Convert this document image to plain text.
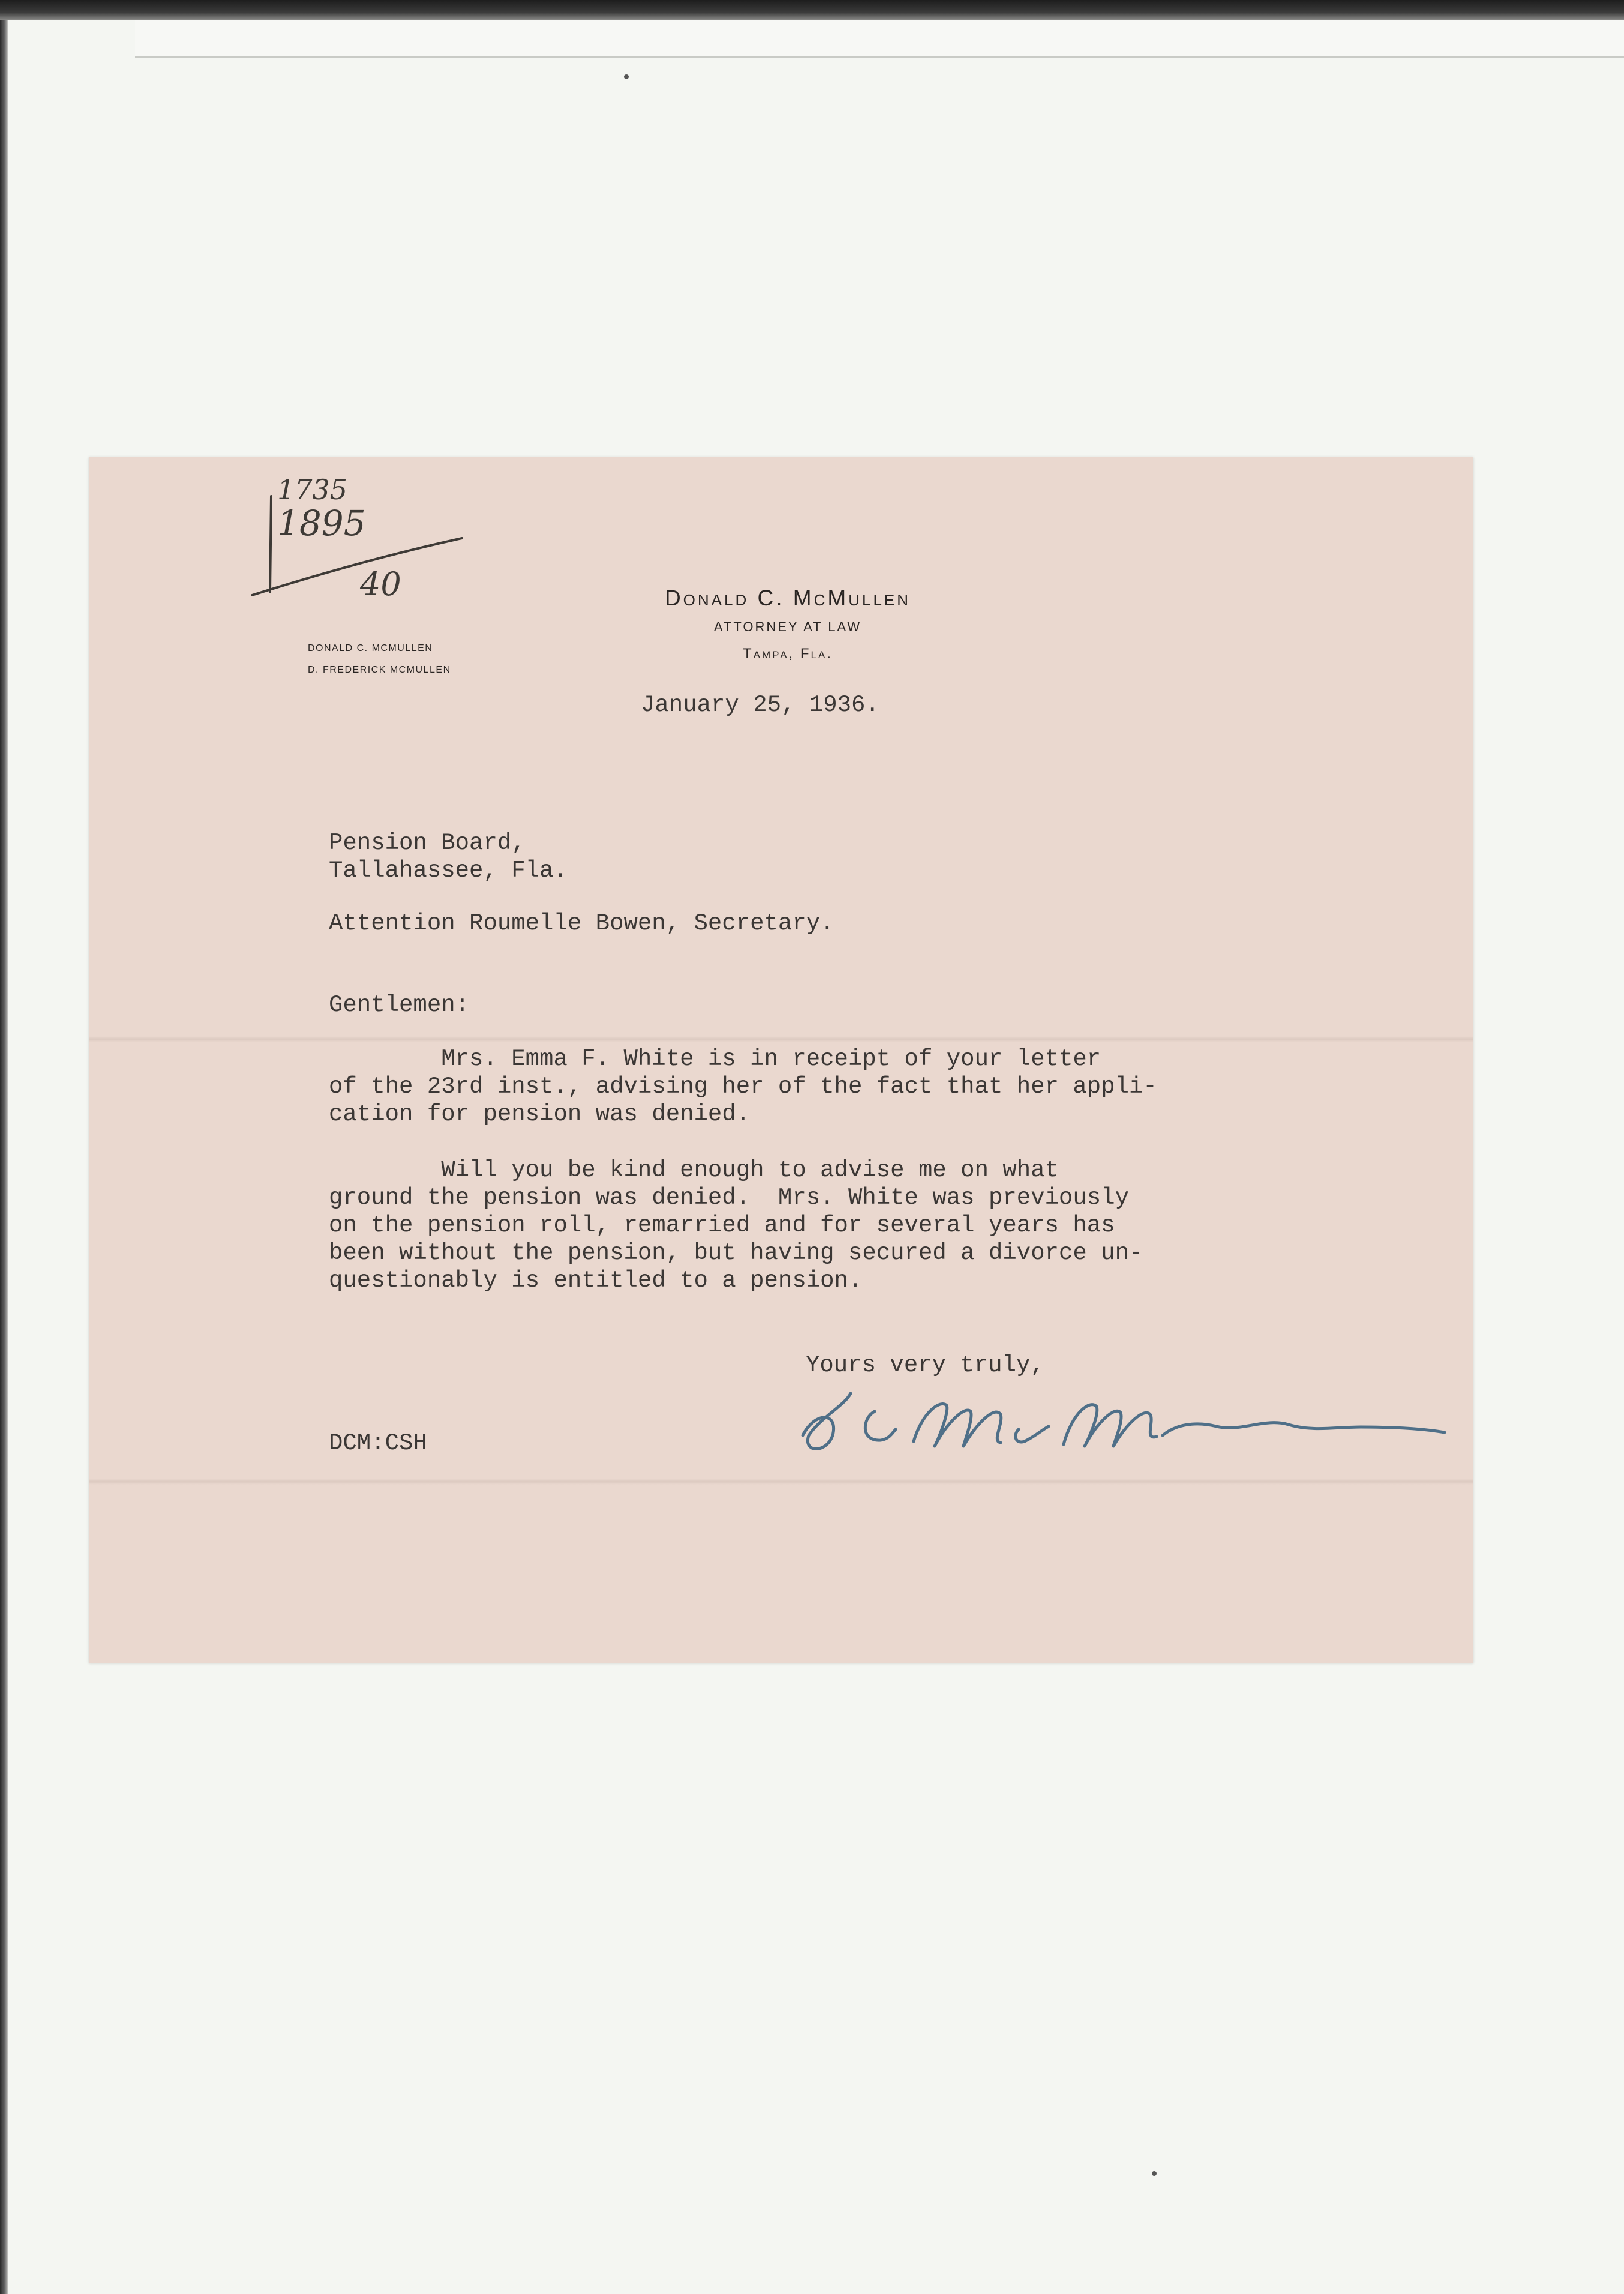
1735
1895
40	Donald C. McMullen
ATTORNEY AT LAW
Tampa, Fla.
DONALD C. MCMULLEN
D. FREDERICK MCMULLEN
January 25, 1936.
Pension Board,
Tallahassee, Fla.
Attention Roumelle Bowen, Secretary.
Gentlemen:
Mrs. Emma F. White is in receipt of your letter
of the 23rd inst., advising her of the fact that her appli-
cation for pension was denied.
Will you be kind enough to advise me on what
ground the pension was denied.  Mrs. White was previously
on the pension roll, remarried and for several years has
been without the pension, but having secured a divorce un-
questionably is entitled to a pension.
Yours very truly,
DCM:CSH
